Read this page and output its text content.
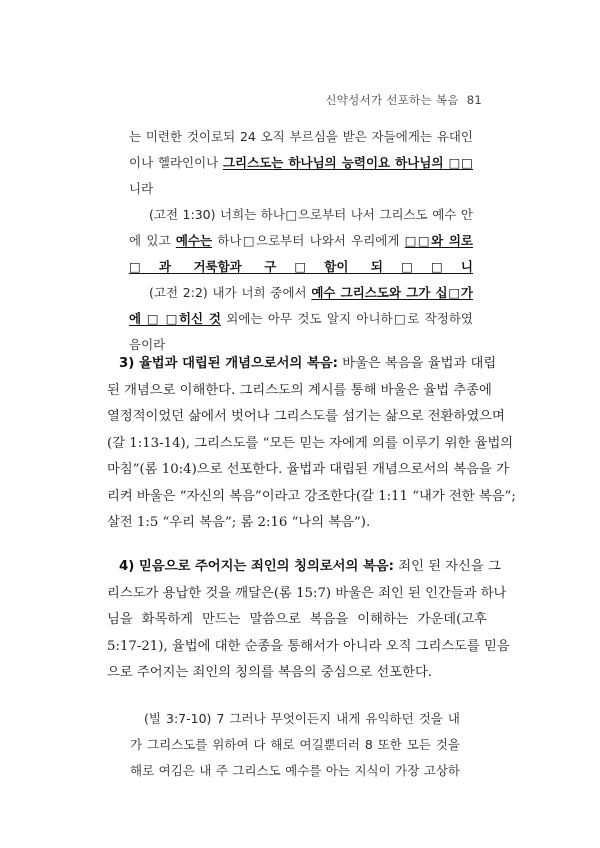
신약성서가 선포하는 복음 81
는 미련한 것이로되 24 오직 부르심을 받은 자들에게는 유대인
이나 헬라인이나 그리스도는 하나님의 능력이요 하나님의 □□
니라
(고전 1:30) 너희는 하나□으로부터 나서 그리스도 예수 안
에 있고 예수는 하나□으로부터 나와서 우리에게 □□와 의로
□과 거룩함과 구□함이 되□□니
(고전 2:2) 내가 너희 중에서 예수 그리스도와 그가 십□가
에 □ □히신 것 외에는 아무 것도 알지 아니하□로 작정하였
음이라
3) 율법과 대립된 개념으로서의 복음: 바울은 복음을 율법과 대립
된 개념으로 이해한다. 그리스도의 계시를 통해 바울은 율법 추종에
열정적이었던 삶에서 벗어나 그리스도를 섬기는 삶으로 전환하였으며
(갈 1:13-14), 그리스도를 “모든 믿는 자에게 의를 이루기 위한 율법의
마침”(롬 10:4)으로 선포한다. 율법과 대립된 개념으로서의 복음을 가
리켜 바울은 “자신의 복음”이라고 강조한다(갈 1:11 “내가 전한 복음”;
살전 1:5 “우리 복음”; 롬 2:16 “나의 복음”).
4) 믿음으로 주어지는 죄인의 칭의로서의 복음: 죄인 된 자신을 그
리스도가 용납한 것을 깨달은(롬 15:7) 바울은 죄인 된 인간들과 하나
님을 화목하게 만드는 말씀으로 복음을 이해하는 가운데(고후
5:17-21), 율법에 대한 순종을 통해서가 아니라 오직 그리스도를 믿음
으로 주어지는 죄인의 칭의를 복음의 중심으로 선포한다.
(빌 3:7-10) 7 그러나 무엇이든지 내게 유익하던 것을 내
가 그리스도를 위하여 다 해로 여길뿐더러 8 또한 모든 것을
해로 여김은 내 주 그리스도 예수를 아는 지식이 가장 고상하
